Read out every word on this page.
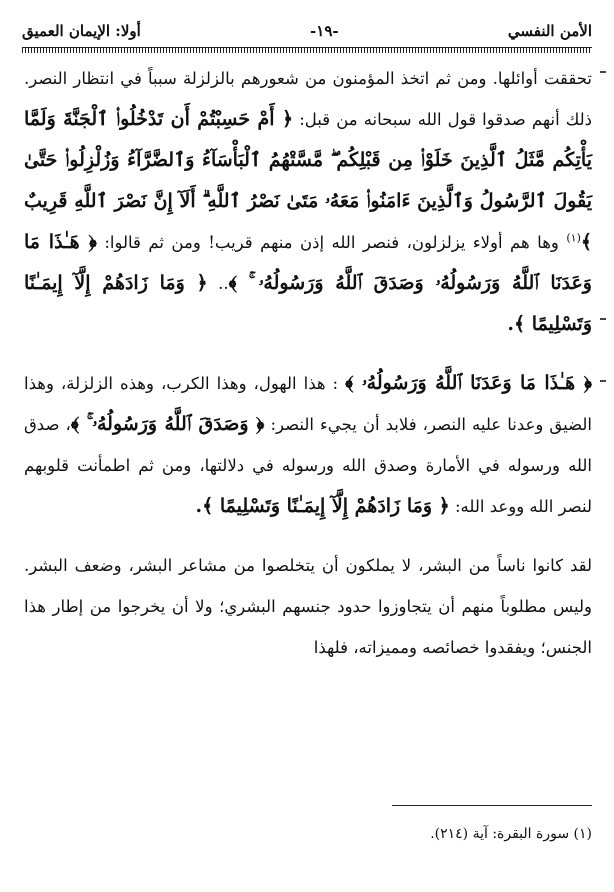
أولا: الإيمان العميق	-١٩-	الأمن النفسي

تحققت أوائلها. ومن ثم اتخذ المؤمنون من شعورهم بالزلزلة سبباً في انتظار النصر. ذلك أنهم صدقوا قول الله سبحانه من قبل: ﴿ أَمْ حَسِبْتُمْ أَن تَدْخُلُوا۟ ٱلْجَنَّةَ وَلَمَّا يَأْتِكُم مَّثَلُ ٱلَّذِينَ خَلَوْا۟ مِن قَبْلِكُم ۖ مَّسَّتْهُمُ ٱلْبَأْسَآءُ وَٱلضَّرَّآءُ وَزُلْزِلُوا۟ حَتَّىٰ يَقُولَ ٱلرَّسُولُ وَٱلَّذِينَ ءَامَنُوا۟ مَعَهُۥ مَتَىٰ نَصْرُ ٱللَّهِ ۗ أَلَآ إِنَّ نَصْرَ ٱللَّهِ قَرِيبٌ ﴾$^{(١)}$ وها هم أولاء يزلزلون، فنصر الله إذن منهم قريب! ومن ثم قالوا: ﴿ هَـٰذَا مَا وَعَدَنَا ٱللَّهُ وَرَسُولُهُۥ وَصَدَقَ ٱللَّهُ وَرَسُولُهُۥ ۚ ﴾.. ﴿ وَمَا زَادَهُمْ إِلَّآ إِيمَـٰنًا وَتَسْلِيمًا ﴾.

﴿ هَـٰذَا مَا وَعَدَنَا ٱللَّهُ وَرَسُولُهُۥ ﴾ : هذا الهول، وهذا الكرب، وهذه الزلزلة، وهذا الضيق وعدنا عليه النصر، فلابد أن يجيء النصر: ﴿ وَصَدَقَ ٱللَّهُ وَرَسُولُهُۥ ۚ ﴾، صدق الله ورسوله في الأمارة وصدق الله ورسوله في دلالتها، ومن ثم اطمأنت قلوبهم لنصر الله ووعد الله: ﴿ وَمَا زَادَهُمْ إِلَّآ إِيمَـٰنًا وَتَسْلِيمًا ﴾.

لقد كانوا ناساً من البشر، لا يملكون أن يتخلصوا من مشاعر البشر، وضعف البشر. وليس مطلوباً منهم أن يتجاوزوا حدود جنسهم البشري؛ ولا أن يخرجوا من إطار هذا الجنس؛ ويفقدوا خصائصه ومميزاته، فلهذا

(١) سورة البقرة: آية (٢١٤).
